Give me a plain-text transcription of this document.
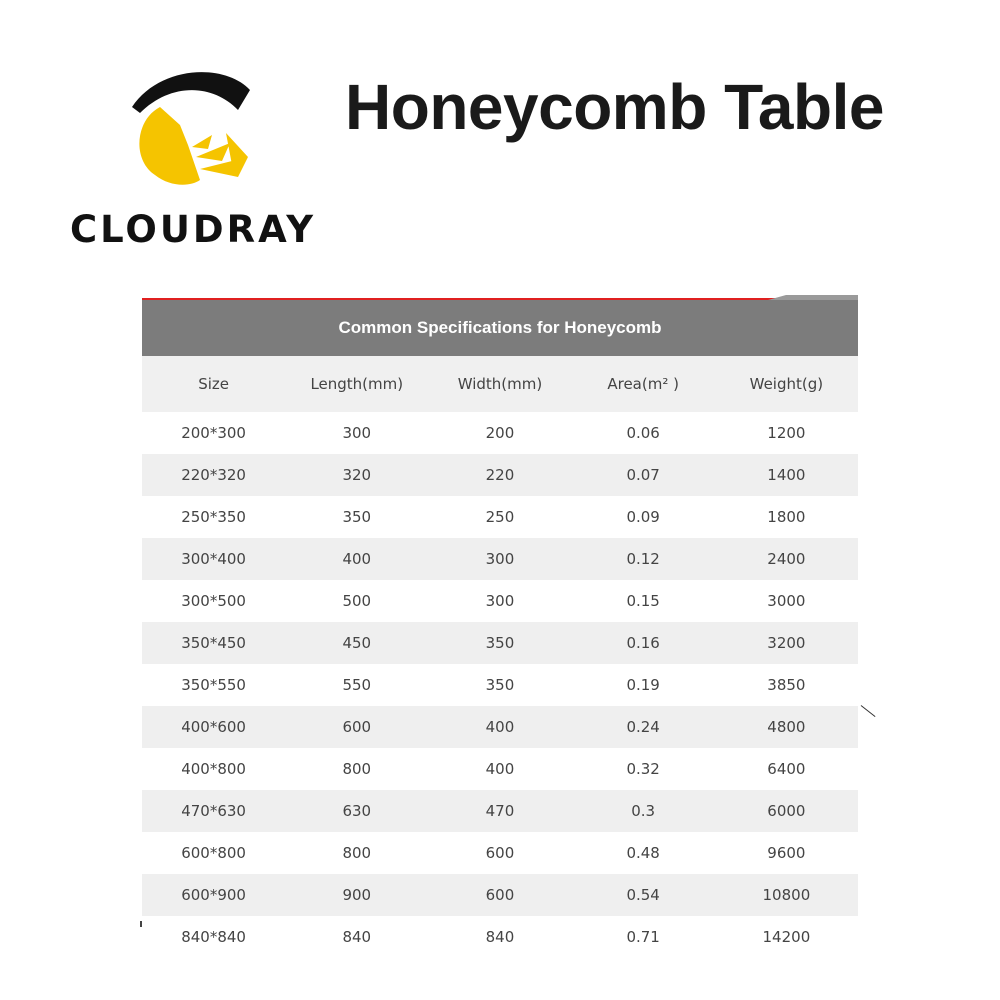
CLOUDRAY
Honeycomb Table
Common Specifications for Honeycomb
Size	Length(mm)	Width(mm)	Area(m² )	Weight(g)
200*300	300	200	0.06	1200
220*320	320	220	0.07	1400
250*350	350	250	0.09	1800
300*400	400	300	0.12	2400
300*500	500	300	0.15	3000
350*450	450	350	0.16	3200
350*550	550	350	0.19	3850
400*600	600	400	0.24	4800
400*800	800	400	0.32	6400
470*630	630	470	0.3	6000
600*800	800	600	0.48	9600
600*900	900	600	0.54	10800
840*840	840	840	0.71	14200
